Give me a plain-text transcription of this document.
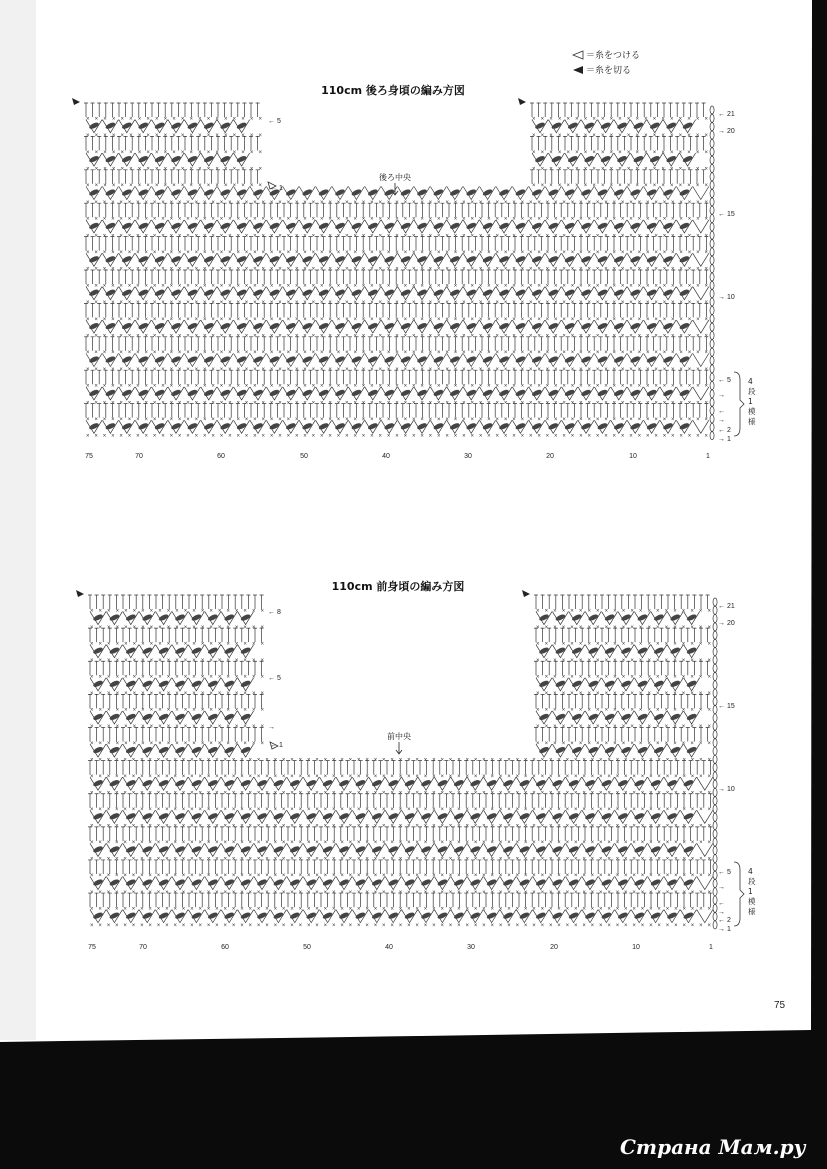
＝糸をつける
＝糸を切る
110cm 後ろ身頃の編み方図
後ろ中央
×××××××××××××××××××××	×××××××××××××××××××××
×××××××××××××××××××××	×××××××××××××××××××××
×××××××××××××××××××××	×××××××××××××××××××××
×××××××××××××××××××××	×××××××××××××××××××××
×××××××××××××××××××××	×××××××××××××××××××××
×××××××××××××××××××××××××××××××××××××××××××××××××××××××××××××××××××××××××××
×××××××××××××××××××××××××××××××××××××××××××××××××××××××××××××××××××××××××××
×××××××××××××××××××××××××××××××××××××××××××××××××××××××××××××××××××××××××××
×××××××××××××××××××××××××××××××××××××××××××××××××××××××××××××××××××××××××××
×××××××××××××××××××××××××××××××××××××××××××××××××××××××××××××××××××××××××××
×××××××××××××××××××××××××××××××××××××××××××××××××××××××××××××××××××××××××××
×××××××××××××××××××××××××××××××××××××××××××××××××××××××××××××××××××××××××××
×××××××××××××××××××××××××××××××××××××××××××××××××××××××××××××××××××××××××××
×××××××××××××××××××××××××××××××××××××××××××××××××××××××××××××××××××××××××××
×××××××××××××××××××××××××××××××××××××××××××××××××××××××××××××××××××××××××××
×××××××××××××××××××××××××××××××××××××××××××××××××××××××××××××××××××××××××××
×××××××××××××××××××××××××××××××××××××××××××××××××××××××××××××××××××××××××××
×××××××××××××××××××××××××××××××××××××××××××××××××××××××××××××××××××××××××××
×××××××××××××××××××××××××××××××××××××××××××××××××××××××××××××××××××××××××××
×××××××××××××××××××××××××××××××××××××××××××××××××××××××××××××××××××××××××××
← 21
→ 20
← 15
→ 10
← 5
→
←
→
← 2
→ 1
← 5
← 1
4
段
1
模
様
75	70	60	50	40	30	20	10	1
110cm 前身頃の編み方図
前中央
×××××××××××××××××××××	×××××××××××××××××××××
×××××××××××××××××××××	×××××××××××××××××××××
×××××××××××××××××××××	×××××××××××××××××××××
×××××××××××××××××××××	×××××××××××××××××××××
×××××××××××××××××××××	×××××××××××××××××××××
×××××××××××××××××××××	×××××××××××××××××××××
×××××××××××××××××××××	×××××××××××××××××××××
×××××××××××××××××××××	×××××××××××××××××××××
×××××××××××××××××××××	×××××××××××××××××××××
×××××××××××××××××××××××××××××××××××××××××××××××××××××××××××××××××××××××××××
×××××××××××××××××××××××××××××××××××××××××××××××××××××××××××××××××××××××××××
×××××××××××××××××××××××××××××××××××××××××××××××××××××××××××××××××××××××××××
×××××××××××××××××××××××××××××××××××××××××××××××××××××××××××××××××××××××××××
×××××××××××××××××××××××××××××××××××××××××××××××××××××××××××××××××××××××××××
×××××××××××××××××××××××××××××××××××××××××××××××××××××××××××××××××××××××××××
×××××××××××××××××××××××××××××××××××××××××××××××××××××××××××××××××××××××××××
×××××××××××××××××××××××××××××××××××××××××××××××××××××××××××××××××××××××××××
×××××××××××××××××××××××××××××××××××××××××××××××××××××××××××××××××××××××××××
×××××××××××××××××××××××××××××××××××××××××××××××××××××××××××××××××××××××××××
×××××××××××××××××××××××××××××××××××××××××××××××××××××××××××××××××××××××××××
← 21
→ 20
← 15
→ 10
← 5
→
←
→
← 2
→ 1
← 8
← 5
→
← 1
4
段
1
模
様
75	70	60	50	40	30	20	10	1
75
Страна Мам.ру
